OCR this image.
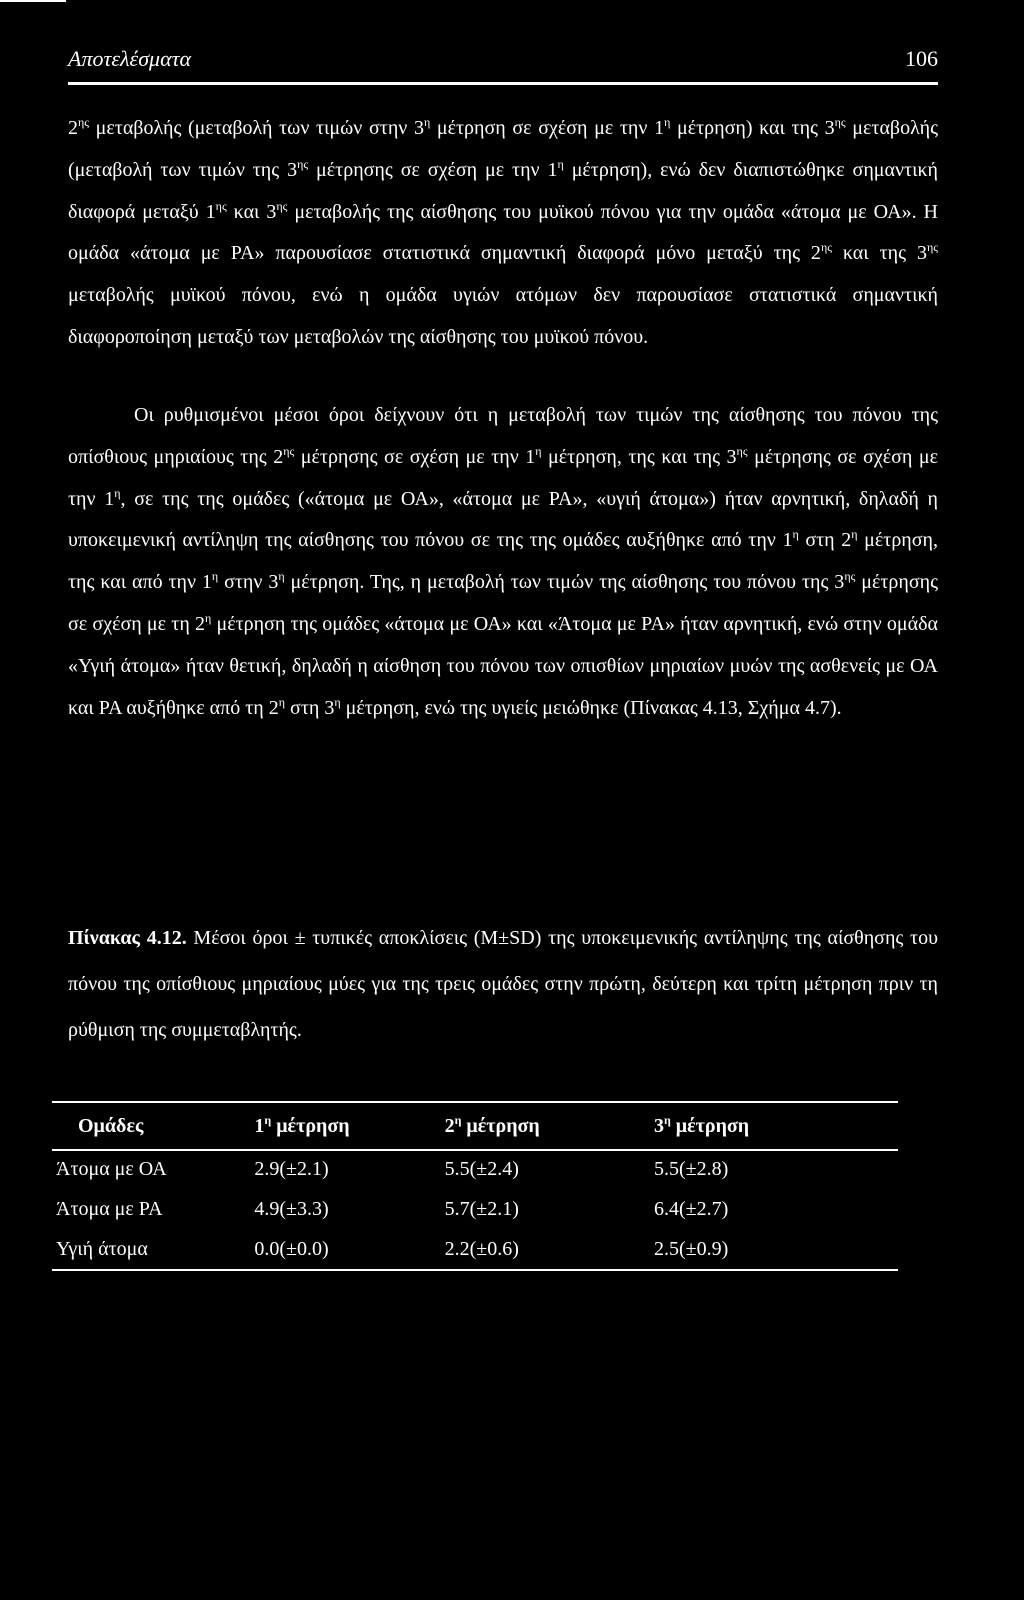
Αποτελέσματα	106

$2^{\eta\varsigma}$ μεταβολής (μεταβολή των τιμών στην $3^\eta$ μέτρηση σε σχέση με την $1^\eta$ μέτρηση) και της $3^{\eta\varsigma}$ μεταβολής (μεταβολή των τιμών της $3^{\eta\varsigma}$ μέτρησης σε σχέση με την $1^\eta$ μέτρηση), ενώ δεν διαπιστώθηκε σημαντική διαφορά μεταξύ $1^{\eta\varsigma}$ και $3^{\eta\varsigma}$ μεταβολής της αίσθησης του μυϊκού πόνου για την ομάδα «άτομα με ΟΑ». Η ομάδα «άτομα με ΡΑ» παρουσίασε στατιστικά σημαντική διαφορά μόνο μεταξύ της $2^{\eta\varsigma}$ και της $3^{\eta\varsigma}$ μεταβολής μυϊκού πόνου, ενώ η ομάδα υγιών ατόμων δεν παρουσίασε στατιστικά σημαντική διαφοροποίηση μεταξύ των μεταβολών της αίσθησης του μυϊκού πόνου.

Οι ρυθμισμένοι μέσοι όροι δείχνουν ότι η μεταβολή των τιμών της αίσθησης του πόνου της οπίσθιους μηριαίους της $2^{\eta\varsigma}$ μέτρησης σε σχέση με την $1^\eta$ μέτρηση, της και της $3^{\eta\varsigma}$ μέτρησης σε σχέση με την $1^\eta$, σε της της ομάδες («άτομα με ΟΑ», «άτομα με ΡΑ», «υγιή άτομα») ήταν αρνητική, δηλαδή η υποκειμενική αντίληψη της αίσθησης του πόνου σε της της ομάδες αυξήθηκε από την $1^\eta$ στη $2^\eta$ μέτρηση, της και από την $1^\eta$ στην $3^\eta$ μέτρηση. Της, η μεταβολή των τιμών της αίσθησης του πόνου της $3^{\eta\varsigma}$ μέτρησης σε σχέση με τη $2^\eta$ μέτρηση της ομάδες «άτομα με ΟΑ» και «Άτομα με ΡΑ» ήταν αρνητική, ενώ στην ομάδα «Υγιή άτομα» ήταν θετική, δηλαδή η αίσθηση του πόνου των οπισθίων μηριαίων μυών της ασθενείς με ΟΑ και ΡΑ αυξήθηκε από τη $2^\eta$ στη $3^\eta$ μέτρηση, ενώ της υγιείς μειώθηκε (Πίνακας 4.13, Σχήμα 4.7).

Πίνακας 4.12. Μέσοι όροι ± τυπικές αποκλίσεις (M±SD) της υποκειμενικής αντίληψης της αίσθησης του πόνου της οπίσθιους μηριαίους μύες για της τρεις ομάδες στην πρώτη, δεύτερη και τρίτη μέτρηση πριν τη ρύθμιση της συμμεταβλητής.

Ομάδες	$1^\eta$ μέτρηση	$2^\eta$ μέτρηση	$3^\eta$ μέτρηση
Άτομα με ΟΑ	2.9(±2.1)	5.5(±2.4)	5.5(±2.8)
Άτομα με ΡΑ	4.9(±3.3)	5.7(±2.1)	6.4(±2.7)
Υγιή άτομα	0.0(±0.0)	2.2(±0.6)	2.5(±0.9)
